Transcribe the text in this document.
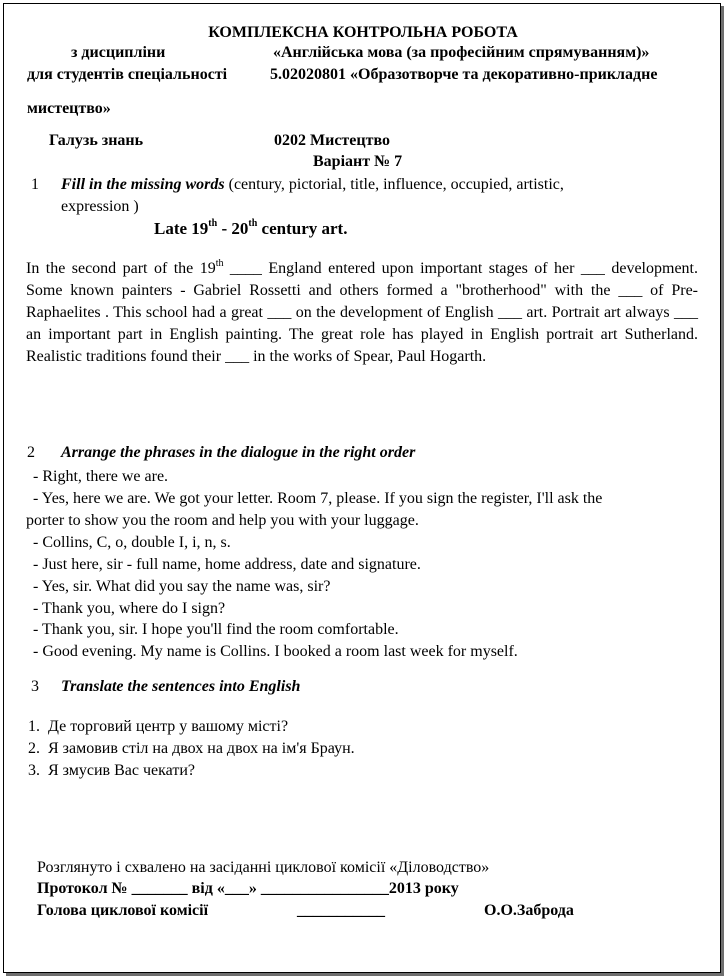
КОМПЛЕКСНА КОНТРОЛЬНА РОБОТА
з дисципліни	«Англійська мова (за професійним спрямуванням)»
для студентів спеціальності	5.02020801 «Образотворче та декоративно-прикладне
мистецтво»
Галузь знань	0202 Мистецтво
Варіант № 7
1 Fill in the missing words (century, pictorial, title, influence, occupied, artistic,
expression )
Late 19th - 20th century art.
In the second part of the 19th ____ England entered upon important stages of her ___ development. Some known painters - Gabriel Rossetti and others formed a "brotherhood" with the ___ of Pre-Raphaelites . This school had a great ___ on the development of English ___ art. Portrait art always ___ an important part in English painting. The great role has played in English portrait art Sutherland. Realistic traditions found their ___ in the works of Spear, Paul Hogarth.
2 Arrange the phrases in the dialogue in the right order
- Right, there we are.
- Yes, here we are. We got your letter. Room 7, please. If you sign the register, I'll ask the
porter to show you the room and help you with your luggage.
- Collins, C, o, double I, i, n, s.
- Just here, sir - full name, home address, date and signature.
- Yes, sir. What did you say the name was, sir?
- Thank you, where do I sign?
- Thank you, sir. I hope you'll find the room comfortable.
- Good evening. My name is Collins. I booked a room last week for myself.
3 Translate the sentences into English
1. Де торговий центр у вашому місті?
2. Я замовив стіл на двох на двох на ім'я Браун.
3. Я змусив Вас чекати?
Розглянуто і схвалено на засіданні циклової комісії «Діловодство»
Протокол № _______ від «___» ________________2013 року
Голова циклової комісії	___________	О.О.Заброда
